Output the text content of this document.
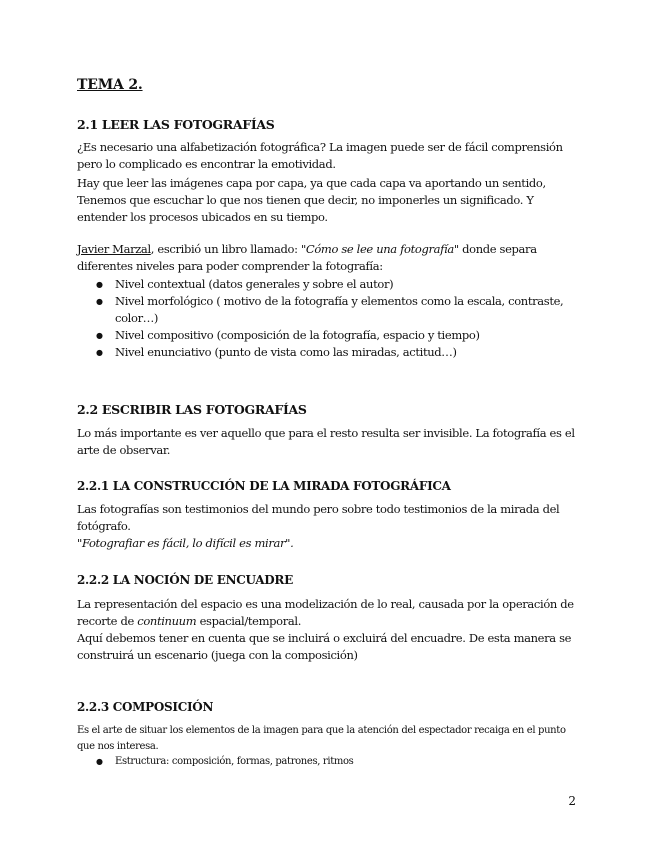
TEMA 2.
2.1 LEER LAS FOTOGRAFÍAS

¿Es necesario una alfabetización fotográfica? La imagen puede ser de fácil comprensión pero lo complicado es encontrar la emotividad.

Hay que leer las imágenes capa por capa, ya que cada capa va aportando un sentido, Tenemos que escuchar lo que nos tienen que decir, no imponerles un significado. Y entender los procesos ubicados en su tiempo.

Javier Marzal, escribió un libro llamado: "Cómo se lee una fotografía" donde separa diferentes niveles para poder comprender la fotografía:

● Nivel contextual (datos generales y sobre el autor)
● Nivel morfológico ( motivo de la fotografía y elementos como la escala, contraste, color…)
● Nivel compositivo (composición de la fotografía, espacio y tiempo)
● Nivel enunciativo (punto de vista como las miradas, actitud…)
2.2 ESCRIBIR LAS FOTOGRAFÍAS

Lo más importante es ver aquello que para el resto resulta ser invisible. La fotografía es el arte de observar.

2.2.1 LA CONSTRUCCIÓN DE LA MIRADA FOTOGRÁFICA

Las fotografías son testimonios del mundo pero sobre todo testimonios de la mirada del fotógrafo.

"Fotografiar es fácil, lo difícil es mirar".

2.2.2 LA NOCIÓN DE ENCUADRE

La representación del espacio es una modelización de lo real, causada por la operación de recorte de continuum espacial/temporal.

Aquí debemos tener en cuenta que se incluirá o excluirá del encuadre. De esta manera se construirá un escenario (juega con la composición)

2.2.3 COMPOSICIÓN

Es el arte de situar los elementos de la imagen para que la atención del espectador recaiga en el punto que nos interesa.

● Estructura: composición, formas, patrones, ritmos
2
